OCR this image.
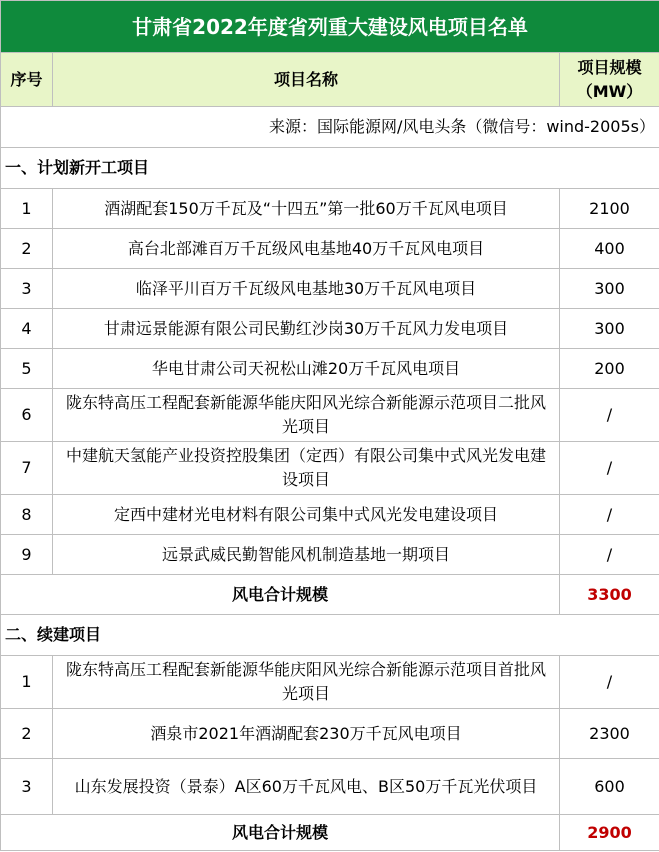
甘肃省2022年度省列重大建设风电项目名单		
序号	项目名称	项目规模（MW）
来源：国际能源网/风电头条（微信号：wind-2005s）		
一、计划新开工项目		
1	酒湖配套150万千瓦及“十四五”第一批60万千瓦风电项目	2100
2	高台北部滩百万千瓦级风电基地40万千瓦风电项目	400
3	临泽平川百万千瓦级风电基地30万千瓦风电项目	300
4	甘肃远景能源有限公司民勤红沙岗30万千瓦风力发电项目	300
5	华电甘肃公司天祝松山滩20万千瓦风电项目	200
6	陇东特高压工程配套新能源华能庆阳风光综合新能源示范项目二批风光项目	/
7	中建航天氢能产业投资控股集团（定西）有限公司集中式风光发电建设项目	/
8	定西中建材光电材料有限公司集中式风光发电建设项目	/
9	远景武威民勤智能风机制造基地一期项目	/
风电合计规模		3300
二、续建项目		
1	陇东特高压工程配套新能源华能庆阳风光综合新能源示范项目首批风光项目	/
2	酒泉市2021年酒湖配套230万千瓦风电项目	2300
3	山东发展投资（景泰）A区60万千瓦风电、B区50万千瓦光伏项目	600
风电合计规模		2900
